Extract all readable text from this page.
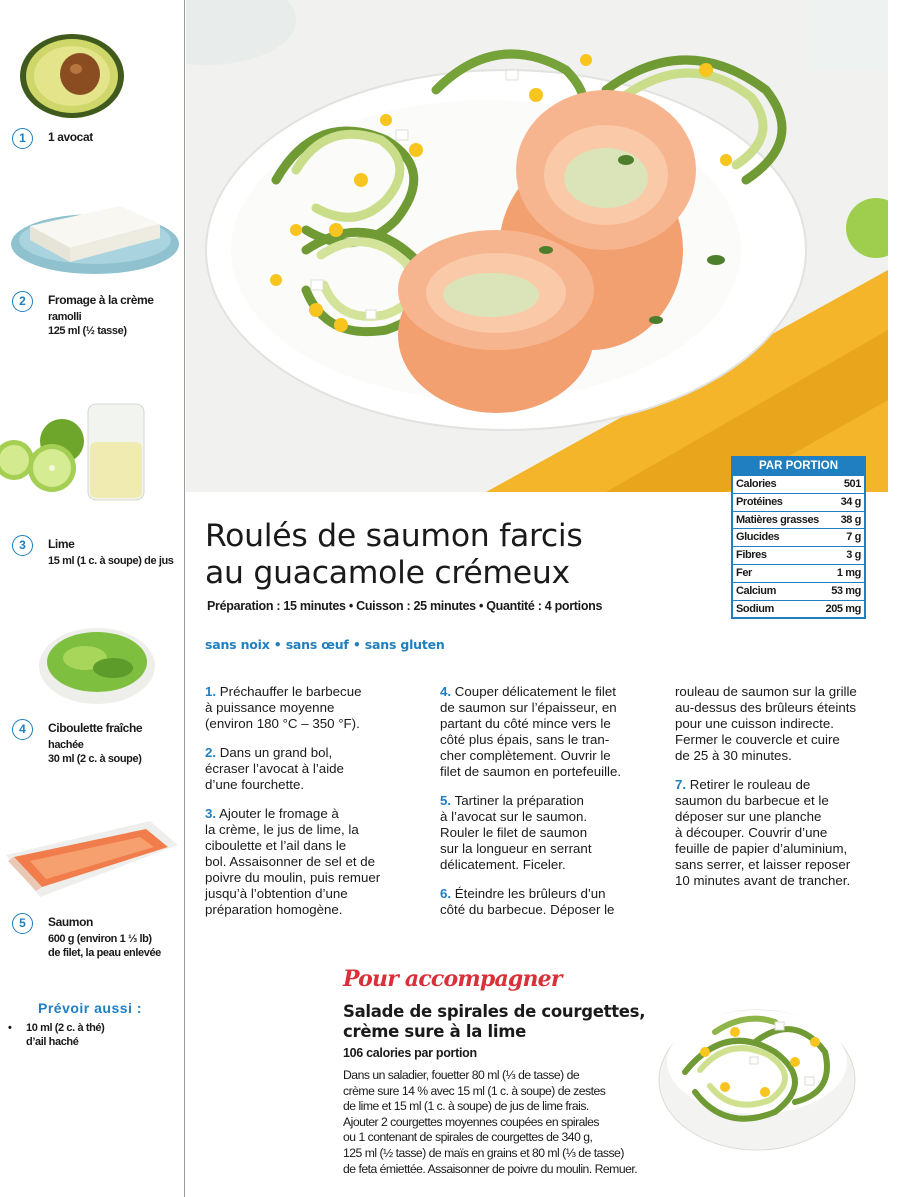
1	1 avocat
2	Fromage à la crème
ramolli
125 ml (½ tasse)
3	Lime
15 ml (1 c. à soupe) de jus
4	Ciboulette fraîche
hachée
30 ml (2 c. à soupe)
5	Saumon
600 g (environ 1 ⅓ lb)
de filet, la peau enlevée
Prévoir aussi :
• 10 ml (2 c. à thé)
d’ail haché
PAR PORTION
Calories	501
Protéines	34 g
Matières grasses 38 g
Glucides	7 g
Fibres	3 g
Fer	1 mg
Calcium	53 mg
Sodium	205 mg
Roulés de saumon farcis
au guacamole crémeux
Préparation : 15 minutes • Cuisson : 25 minutes • Quantité : 4 portions
sans noix • sans œuf • sans gluten
1. Préchauffer le barbecue
à puissance moyenne
(environ 180 °C – 350 °F).
2. Dans un grand bol,
écraser l’avocat à l’aide
d’une fourchette.
3. Ajouter le fromage à
la crème, le jus de lime, la
ciboulette et l’ail dans le
bol. Assaisonner de sel et de
poivre du moulin, puis remuer
jusqu’à l’obtention d’une
préparation homogène.
4. Couper délicatement le filet
de saumon sur l’épaisseur, en
partant du côté mince vers le
côté plus épais, sans le tran-
cher complètement. Ouvrir le
filet de saumon en portefeuille.
5. Tartiner la préparation
à l’avocat sur le saumon.
Rouler le filet de saumon
sur la longueur en serrant
délicatement. Ficeler.
6. Éteindre les brûleurs d’un
côté du barbecue. Déposer le
rouleau de saumon sur la grille
au-dessus des brûleurs éteints
pour une cuisson indirecte.
Fermer le couvercle et cuire
de 25 à 30 minutes.
7. Retirer le rouleau de
saumon du barbecue et le
déposer sur une planche
à découper. Couvrir d’une
feuille de papier d’aluminium,
sans serrer, et laisser reposer
10 minutes avant de trancher.
Pour accompagner
Salade de spirales de courgettes,
crème sure à la lime
106 calories par portion
Dans un saladier, fouetter 80 ml (⅓ de tasse) de
crème sure 14 % avec 15 ml (1 c. à soupe) de zestes
de lime et 15 ml (1 c. à soupe) de jus de lime frais.
Ajouter 2 courgettes moyennes coupées en spirales
ou 1 contenant de spirales de courgettes de 340 g,
125 ml (½ tasse) de maïs en grains et 80 ml (⅓ de tasse)
de feta émiettée. Assaisonner de poivre du moulin. Remuer.
